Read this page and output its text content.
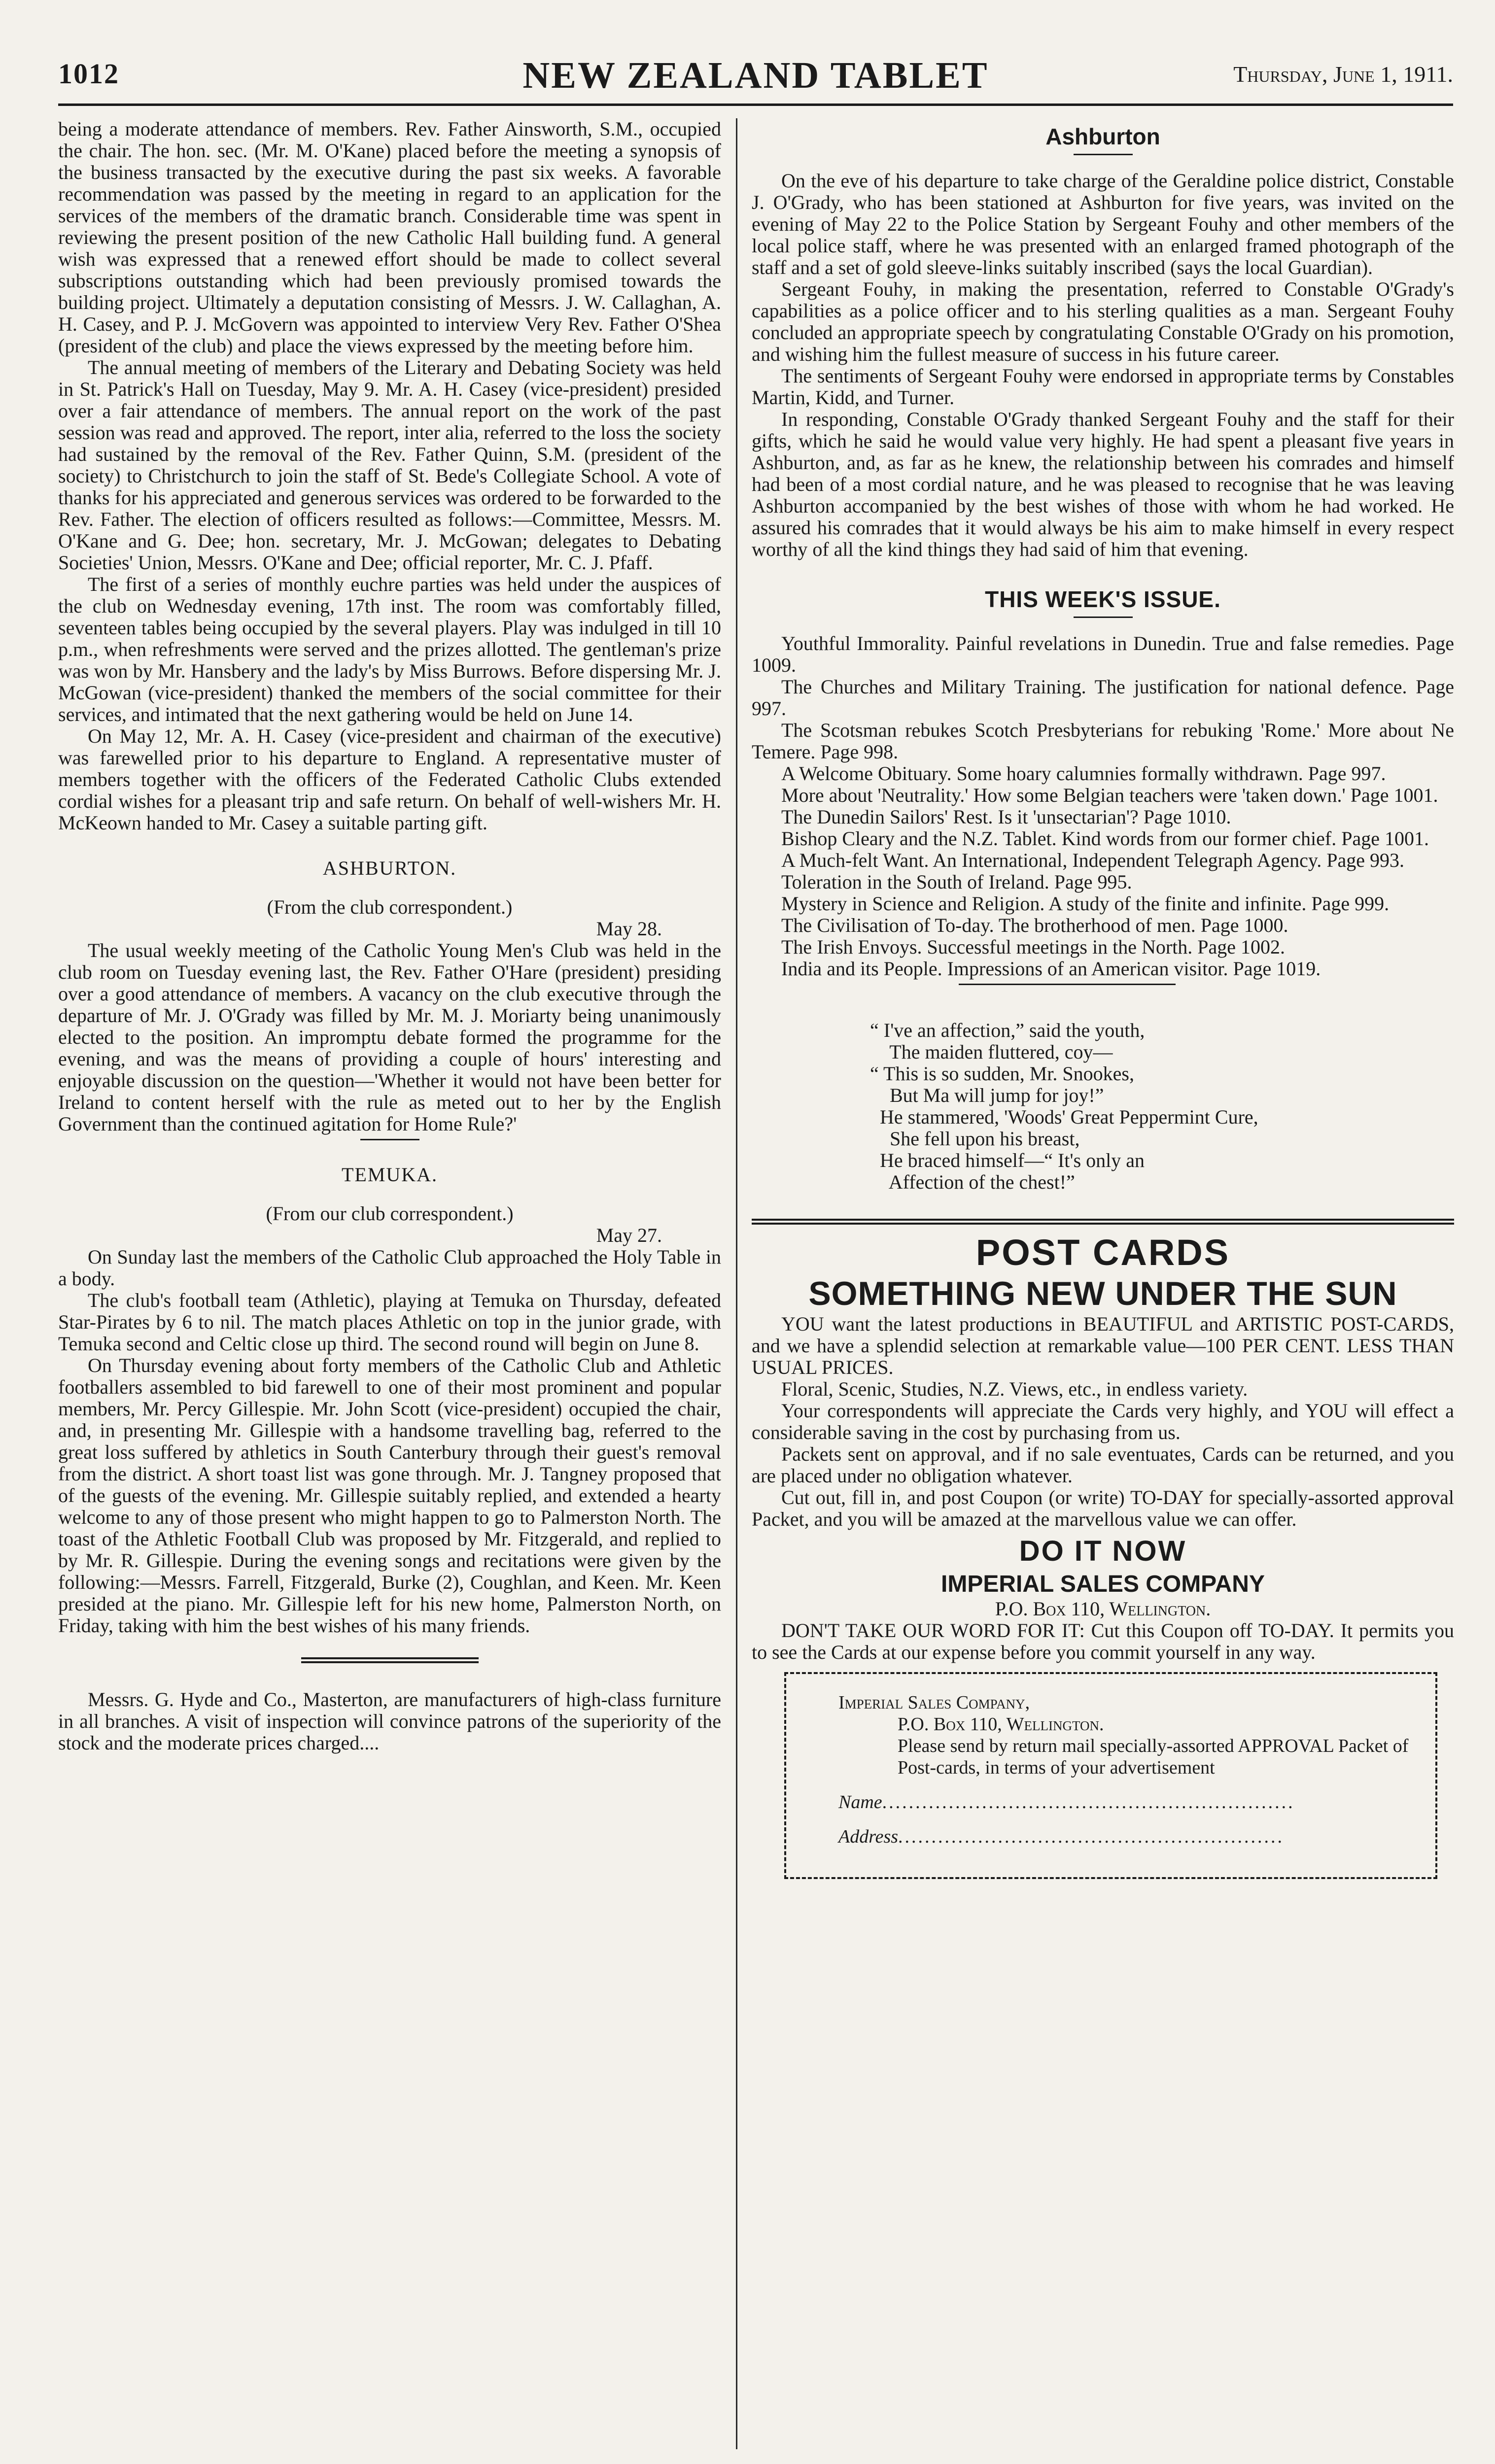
1012	NEW ZEALAND TABLET	Thursday, June 1, 1911.

being a moderate attendance of members. Rev. Father Ainsworth, S.M., occupied the chair. The hon. sec. (Mr. M. O'Kane) placed before the meeting a synopsis of the business transacted by the executive during the past six weeks. A favorable recommendation was passed by the meeting in regard to an application for the services of the members of the dramatic branch. Considerable time was spent in reviewing the present position of the new Catholic Hall building fund. A general wish was expressed that a renewed effort should be made to collect several subscriptions outstanding which had been previously promised towards the building project. Ultimately a deputation consisting of Messrs. J. W. Callaghan, A. H. Casey, and P. J. McGovern was appointed to interview Very Rev. Father O'Shea (president of the club) and place the views expressed by the meeting before him.

The annual meeting of members of the Literary and Debating Society was held in St. Patrick's Hall on Tuesday, May 9. Mr. A. H. Casey (vice-president) presided over a fair attendance of members. The annual report on the work of the past session was read and approved. The report, inter alia, referred to the loss the society had sustained by the removal of the Rev. Father Quinn, S.M. (president of the society) to Christchurch to join the staff of St. Bede's Collegiate School. A vote of thanks for his appreciated and generous services was ordered to be forwarded to the Rev. Father. The election of officers resulted as follows:—Committee, Messrs. M. O'Kane and G. Dee; hon. secretary, Mr. J. McGowan; delegates to Debating Societies' Union, Messrs. O'Kane and Dee; official reporter, Mr. C. J. Pfaff.

The first of a series of monthly euchre parties was held under the auspices of the club on Wednesday evening, 17th inst. The room was comfortably filled, seventeen tables being occupied by the several players. Play was indulged in till 10 p.m., when refreshments were served and the prizes allotted. The gentleman's prize was won by Mr. Hansbery and the lady's by Miss Burrows. Before dispersing Mr. J. McGowan (vice-president) thanked the members of the social committee for their services, and intimated that the next gathering would be held on June 14.

On May 12, Mr. A. H. Casey (vice-president and chairman of the executive) was farewelled prior to his departure to England. A representative muster of members together with the officers of the Federated Catholic Clubs extended cordial wishes for a pleasant trip and safe return. On behalf of well-wishers Mr. H. McKeown handed to Mr. Casey a suitable parting gift.

ASHBURTON.

(From the club correspondent.)

May 28.

The usual weekly meeting of the Catholic Young Men's Club was held in the club room on Tuesday evening last, the Rev. Father O'Hare (president) presiding over a good attendance of members. A vacancy on the club executive through the departure of Mr. J. O'Grady was filled by Mr. M. J. Moriarty being unanimously elected to the position. An impromptu debate formed the programme for the evening, and was the means of providing a couple of hours' interesting and enjoyable discussion on the question—'Whether it would not have been better for Ireland to content herself with the rule as meted out to her by the English Government than the continued agitation for Home Rule?'

TEMUKA.

(From our club correspondent.)

May 27.

On Sunday last the members of the Catholic Club approached the Holy Table in a body.

The club's football team (Athletic), playing at Temuka on Thursday, defeated Star-Pirates by 6 to nil. The match places Athletic on top in the junior grade, with Temuka second and Celtic close up third. The second round will begin on June 8.

On Thursday evening about forty members of the Catholic Club and Athletic footballers assembled to bid farewell to one of their most prominent and popular members, Mr. Percy Gillespie. Mr. John Scott (vice-president) occupied the chair, and, in presenting Mr. Gillespie with a handsome travelling bag, referred to the great loss suffered by athletics in South Canterbury through their guest's removal from the district. A short toast list was gone through. Mr. J. Tangney proposed that of the guests of the evening. Mr. Gillespie suitably replied, and extended a hearty welcome to any of those present who might happen to go to Palmerston North. The toast of the Athletic Football Club was proposed by Mr. Fitzgerald, and replied to by Mr. R. Gillespie. During the evening songs and recitations were given by the following:—Messrs. Farrell, Fitzgerald, Burke (2), Coughlan, and Keen. Mr. Keen presided at the piano. Mr. Gillespie left for his new home, Palmerston North, on Friday, taking with him the best wishes of his many friends.

Messrs. G. Hyde and Co., Masterton, are manufacturers of high-class furniture in all branches. A visit of inspection will convince patrons of the superiority of the stock and the moderate prices charged....

Ashburton

On the eve of his departure to take charge of the Geraldine police district, Constable J. O'Grady, who has been stationed at Ashburton for five years, was invited on the evening of May 22 to the Police Station by Sergeant Fouhy and other members of the local police staff, where he was presented with an enlarged framed photograph of the staff and a set of gold sleeve-links suitably inscribed (says the local Guardian).

Sergeant Fouhy, in making the presentation, referred to Constable O'Grady's capabilities as a police officer and to his sterling qualities as a man. Sergeant Fouhy concluded an appropriate speech by congratulating Constable O'Grady on his promotion, and wishing him the fullest measure of success in his future career.

The sentiments of Sergeant Fouhy were endorsed in appropriate terms by Constables Martin, Kidd, and Turner.

In responding, Constable O'Grady thanked Sergeant Fouhy and the staff for their gifts, which he said he would value very highly. He had spent a pleasant five years in Ashburton, and, as far as he knew, the relationship between his comrades and himself had been of a most cordial nature, and he was pleased to recognise that he was leaving Ashburton accompanied by the best wishes of those with whom he had worked. He assured his comrades that it would always be his aim to make himself in every respect worthy of all the kind things they had said of him that evening.

THIS WEEK'S ISSUE.
Youthful Immorality. Painful revelations in Dunedin. True and false remedies. Page 1009.
The Churches and Military Training. The justification for national defence. Page 997.
The Scotsman rebukes Scotch Presbyterians for rebuking 'Rome.' More about Ne Temere. Page 998.
A Welcome Obituary. Some hoary calumnies formally withdrawn. Page 997.
More about 'Neutrality.' How some Belgian teachers were 'taken down.' Page 1001.
The Dunedin Sailors' Rest. Is it 'unsectarian'? Page 1010.
Bishop Cleary and the N.Z. Tablet. Kind words from our former chief. Page 1001.
A Much-felt Want. An International, Independent Telegraph Agency. Page 993.
Toleration in the South of Ireland. Page 995.
Mystery in Science and Religion. A study of the finite and infinite. Page 999.
The Civilisation of To-day. The brotherhood of men. Page 1000.
The Irish Envoys. Successful meetings in the North. Page 1002.
India and its People. Impressions of an American visitor. Page 1019.
“ I've an affection,” said the youth,
The maiden fluttered, coy—
“ This is so sudden, Mr. Snookes,
But Ma will jump for joy!”
He stammered, 'Woods' Great Peppermint Cure,
She fell upon his breast,
He braced himself—“ It's only an
Affection of the chest!”

POST CARDS

SOMETHING NEW UNDER THE SUN

YOU want the latest productions in BEAUTIFUL and ARTISTIC POST-CARDS, and we have a splendid selection at remarkable value—100 PER CENT. LESS THAN USUAL PRICES.

Floral, Scenic, Studies, N.Z. Views, etc., in endless variety.

Your correspondents will appreciate the Cards very highly, and YOU will effect a considerable saving in the cost by purchasing from us.

Packets sent on approval, and if no sale eventuates, Cards can be returned, and you are placed under no obligation whatever.

Cut out, fill in, and post Coupon (or write) TO-DAY for specially-assorted approval Packet, and you will be amazed at the marvellous value we can offer.

DO IT NOW

IMPERIAL SALES COMPANY

P.O. Box 110, Wellington.

DON'T TAKE OUR WORD FOR IT: Cut this Coupon off TO-DAY. It permits you to see the Cards at our expense before you commit yourself in any way.

Imperial Sales Company,
P.O. Box 110, Wellington.
Please send by return mail specially-assorted APPROVAL Packet of Post-cards, in terms of your advertisement
Name..............................................................
Address..........................................................
